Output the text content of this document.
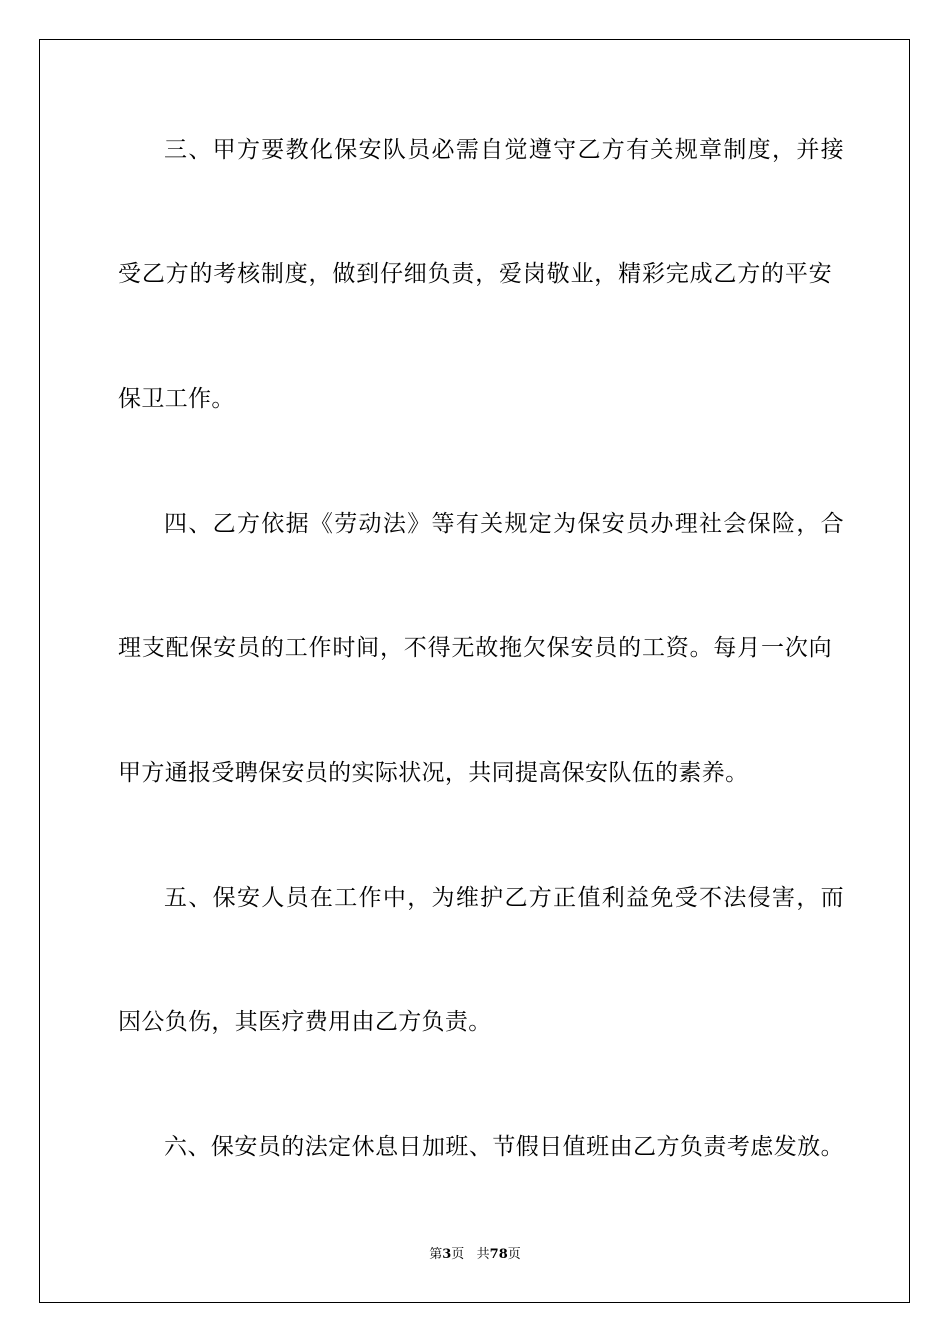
三、甲方要教化保安队员必需自觉遵守乙方有关规章制度，并接
受乙方的考核制度，做到仔细负责，爱岗敬业，精彩完成乙方的平安
保卫工作。
四、乙方依据《劳动法》等有关规定为保安员办理社会保险，合
理支配保安员的工作时间，不得无故拖欠保安员的工资。每月一次向
甲方通报受聘保安员的实际状况，共同提高保安队伍的素养。
五、保安人员在工作中，为维护乙方正值利益免受不法侵害，而
因公负伤，其医疗费用由乙方负责。
六、保安员的法定休息日加班、节假日值班由乙方负责考虑发放。
第3页   共78页
